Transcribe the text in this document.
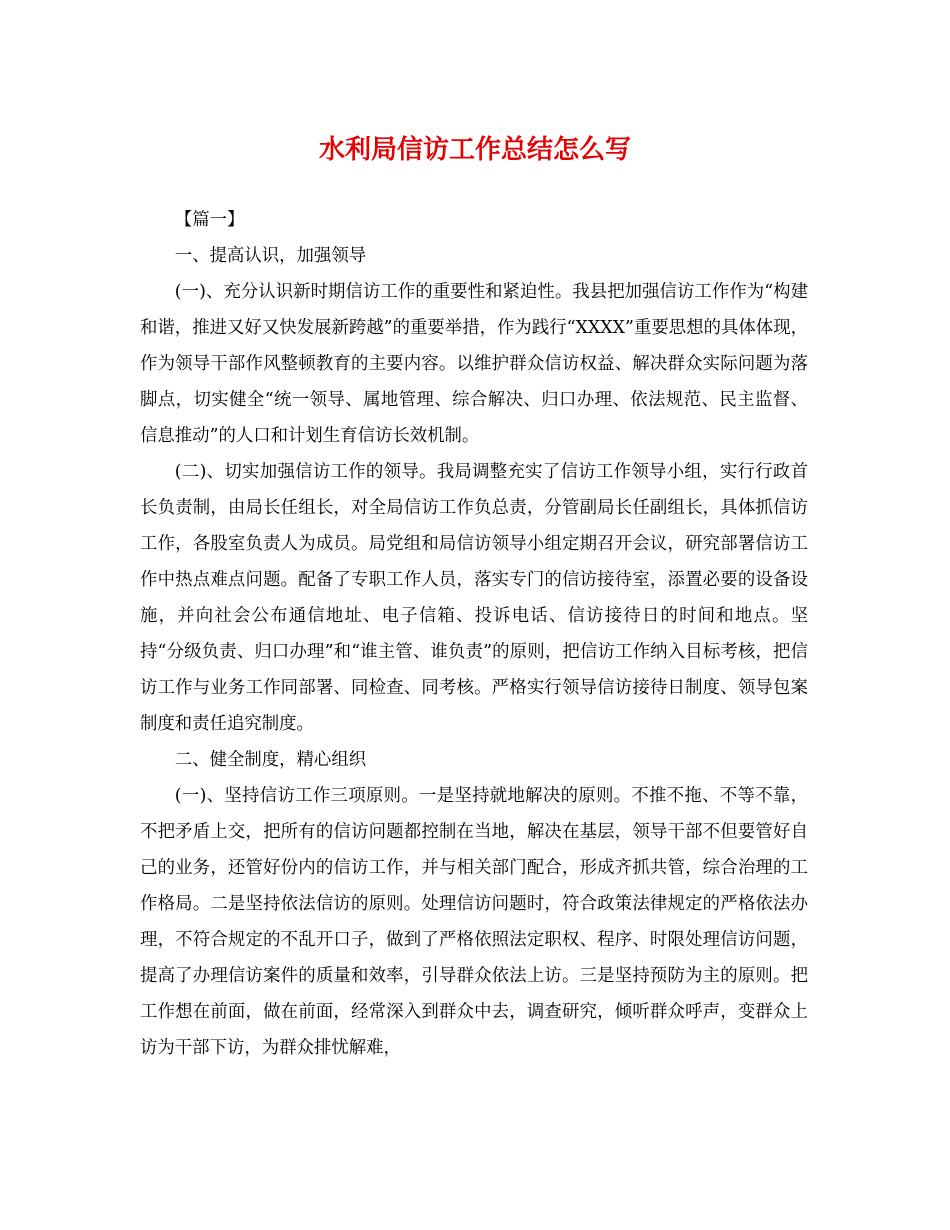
水利局信访工作总结怎么写

【篇一】

一、提高认识，加强领导

(一)、充分认识新时期信访工作的重要性和紧迫性。我县把加强信访工作作为“构建和谐，推进又好又快发展新跨越”的重要举措，作为践行“XXXX”重要思想的具体体现，作为领导干部作风整顿教育的主要内容。以维护群众信访权益、解决群众实际问题为落脚点，切实健全“统一领导、属地管理、综合解决、归口办理、依法规范、民主监督、信息推动”的人口和计划生育信访长效机制。

(二)、切实加强信访工作的领导。我局调整充实了信访工作领导小组，实行行政首长负责制，由局长任组长，对全局信访工作负总责，分管副局长任副组长，具体抓信访工作，各股室负责人为成员。局党组和局信访领导小组定期召开会议，研究部署信访工作中热点难点问题。配备了专职工作人员，落实专门的信访接待室，添置必要的设备设施，并向社会公布通信地址、电子信箱、投诉电话、信访接待日的时间和地点。坚持“分级负责、归口办理”和“谁主管、谁负责”的原则，把信访工作纳入目标考核，把信访工作与业务工作同部署、同检查、同考核。严格实行领导信访接待日制度、领导包案制度和责任追究制度。

二、健全制度，精心组织

(一)、坚持信访工作三项原则。一是坚持就地解决的原则。不推不拖、不等不靠，不把矛盾上交，把所有的信访问题都控制在当地，解决在基层，领导干部不但要管好自己的业务，还管好份内的信访工作，并与相关部门配合，形成齐抓共管，综合治理的工作格局。二是坚持依法信访的原则。处理信访问题时，符合政策法律规定的严格依法办理，不符合规定的不乱开口子，做到了严格依照法定职权、程序、时限处理信访问题，提高了办理信访案件的质量和效率，引导群众依法上访。三是坚持预防为主的原则。把工作想在前面，做在前面，经常深入到群众中去，调查研究，倾听群众呼声，变群众上访为干部下访，为群众排忧解难，
